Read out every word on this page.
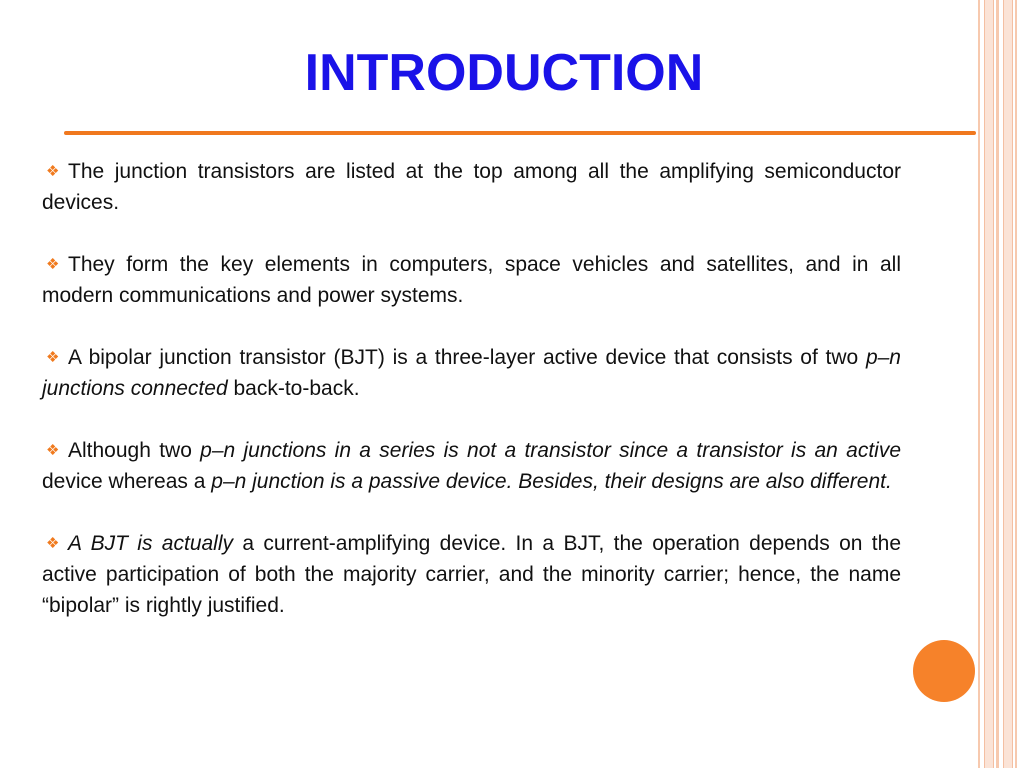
INTRODUCTION

❖ The junction transistors are listed at the top among all the amplifying semiconductor devices.

❖ They form the key elements in computers, space vehicles and satellites, and in all modern communications and power systems.

❖ A bipolar junction transistor (BJT) is a three-layer active device that consists of two p–n junctions connected back-to-back.

❖ Although two p–n junctions in a series is not a transistor since a transistor is an active device whereas a p–n junction is a passive device. Besides, their designs are also different.

❖ A BJT is actually a current-amplifying device. In a BJT, the operation depends on the active participation of both the majority carrier, and the minority carrier; hence, the name “bipolar” is rightly justified.
